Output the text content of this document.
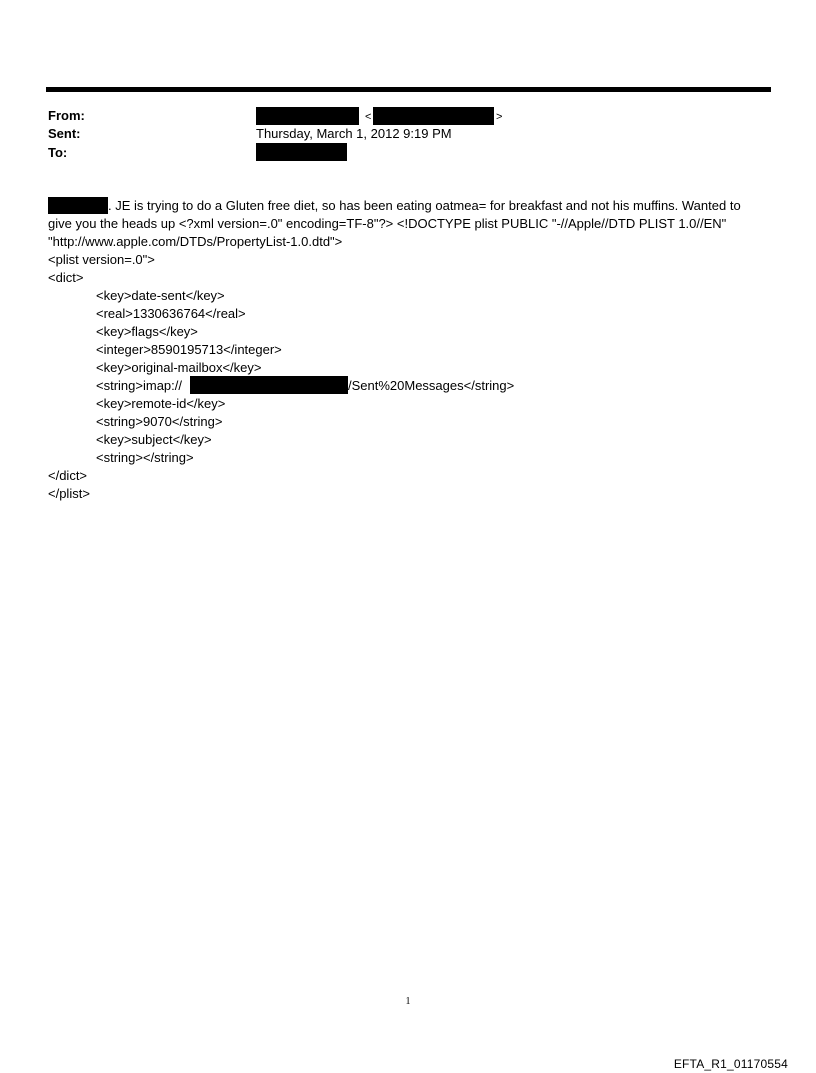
From:
Sent:
To:
<	>
Thursday, March 1, 2012 9:19 PM
. JE is trying to do a Gluten free diet, so has been eating oatmea= for breakfast and not his muffins. Wanted to
give you the heads up <?xml version=.0" encoding=TF-8"?> <!DOCTYPE plist PUBLIC "-//Apple//DTD PLIST 1.0//EN"
"http://www.apple.com/DTDs/PropertyList-1.0.dtd">
<plist version=.0">
<dict>
<key>date-sent</key>
<real>1330636764</real>
<key>flags</key>
<integer>8590195713</integer>
<key>original-mailbox</key>
<string>imap://	/Sent%20Messages</string>
<key>remote-id</key>
<string>9070</string>
<key>subject</key>
<string></string>
</dict>
</plist>
1
EFTA_R1_01170554
